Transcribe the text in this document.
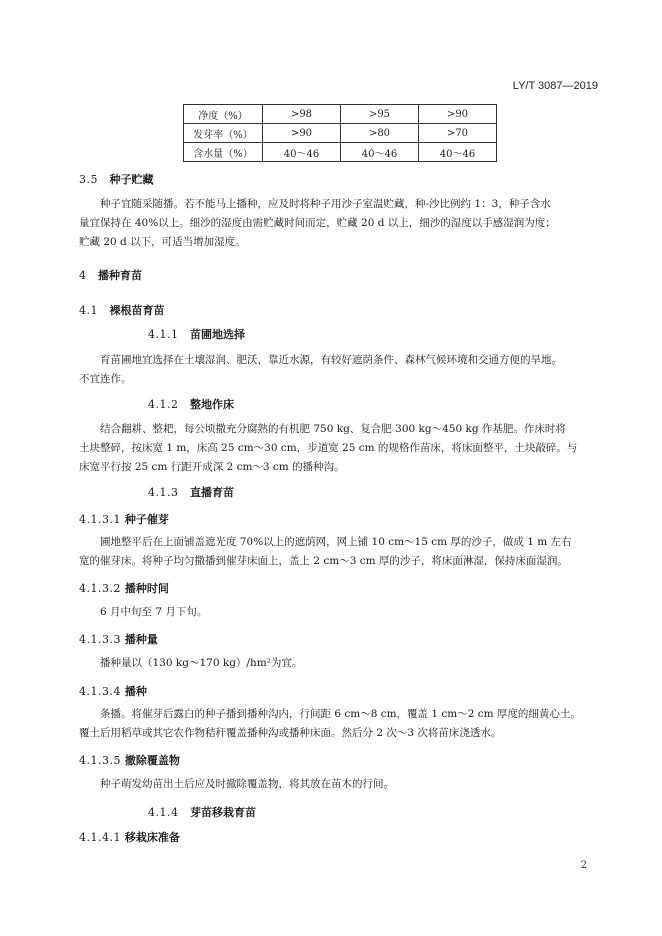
LY/T 3087—2019
净度（%）	>98	>95	>90
发芽率（%）	>90	>80	>70
含水量（%）	40～46	40～46	40～46
3.5 种子贮藏
种子宜随采随播。若不能马上播种，应及时将种子用沙子室温贮藏，种-沙比例约 1：3，种子含水
量宜保持在 40%以上。细沙的湿度由需贮藏时间而定，贮藏 20 d 以上，细沙的湿度以手感湿润为度；
贮藏 20 d 以下，可适当增加湿度。
4 播种育苗
4.1 裸根苗育苗
4.1.1 苗圃地选择
育苗圃地宜选择在土壤湿润、肥沃，靠近水源，有较好遮荫条件、森林气候环境和交通方便的旱地。
不宜连作。
4.1.2 整地作床
结合翻耕、整耙，每公顷撒充分腐熟的有机肥 750 kg、复合肥 300 kg～450 kg 作基肥。作床时将
土块整碎，按床宽 1 m，床高 25 cm～30 cm，步道宽 25 cm 的规格作苗床，将床面整平，土块敲碎。与
床宽平行按 25 cm 行距开成深 2 cm～3 cm 的播种沟。
4.1.3 直播育苗
4.1.3.1 种子催芽
圃地整平后在上面铺盖遮光度 70%以上的遮荫网，网上铺 10 cm～15 cm 厚的沙子，做成 1 m 左右
宽的催芽床。将种子均匀撒播到催芽床面上，盖上 2 cm～3 cm 厚的沙子，将床面淋湿，保持床面湿润。
4.1.3.2 播种时间
6 月中旬至 7 月下旬。
4.1.3.3 播种量
播种量以（130 kg～170 kg）/hm²为宜。
4.1.3.4 播种
条播。将催芽后露白的种子播到播种沟内，行间距 6 cm～8 cm，覆盖 1 cm～2 cm 厚度的细黄心土。
覆土后用稻草或其它农作物秸秆覆盖播种沟或播种床面。然后分 2 次～3 次将苗床浇透水。
4.1.3.5 撤除覆盖物
种子萌发幼苗出土后应及时撤除覆盖物，将其放在苗木的行间。
4.1.4 芽苗移栽育苗
4.1.4.1 移栽床准备
2
